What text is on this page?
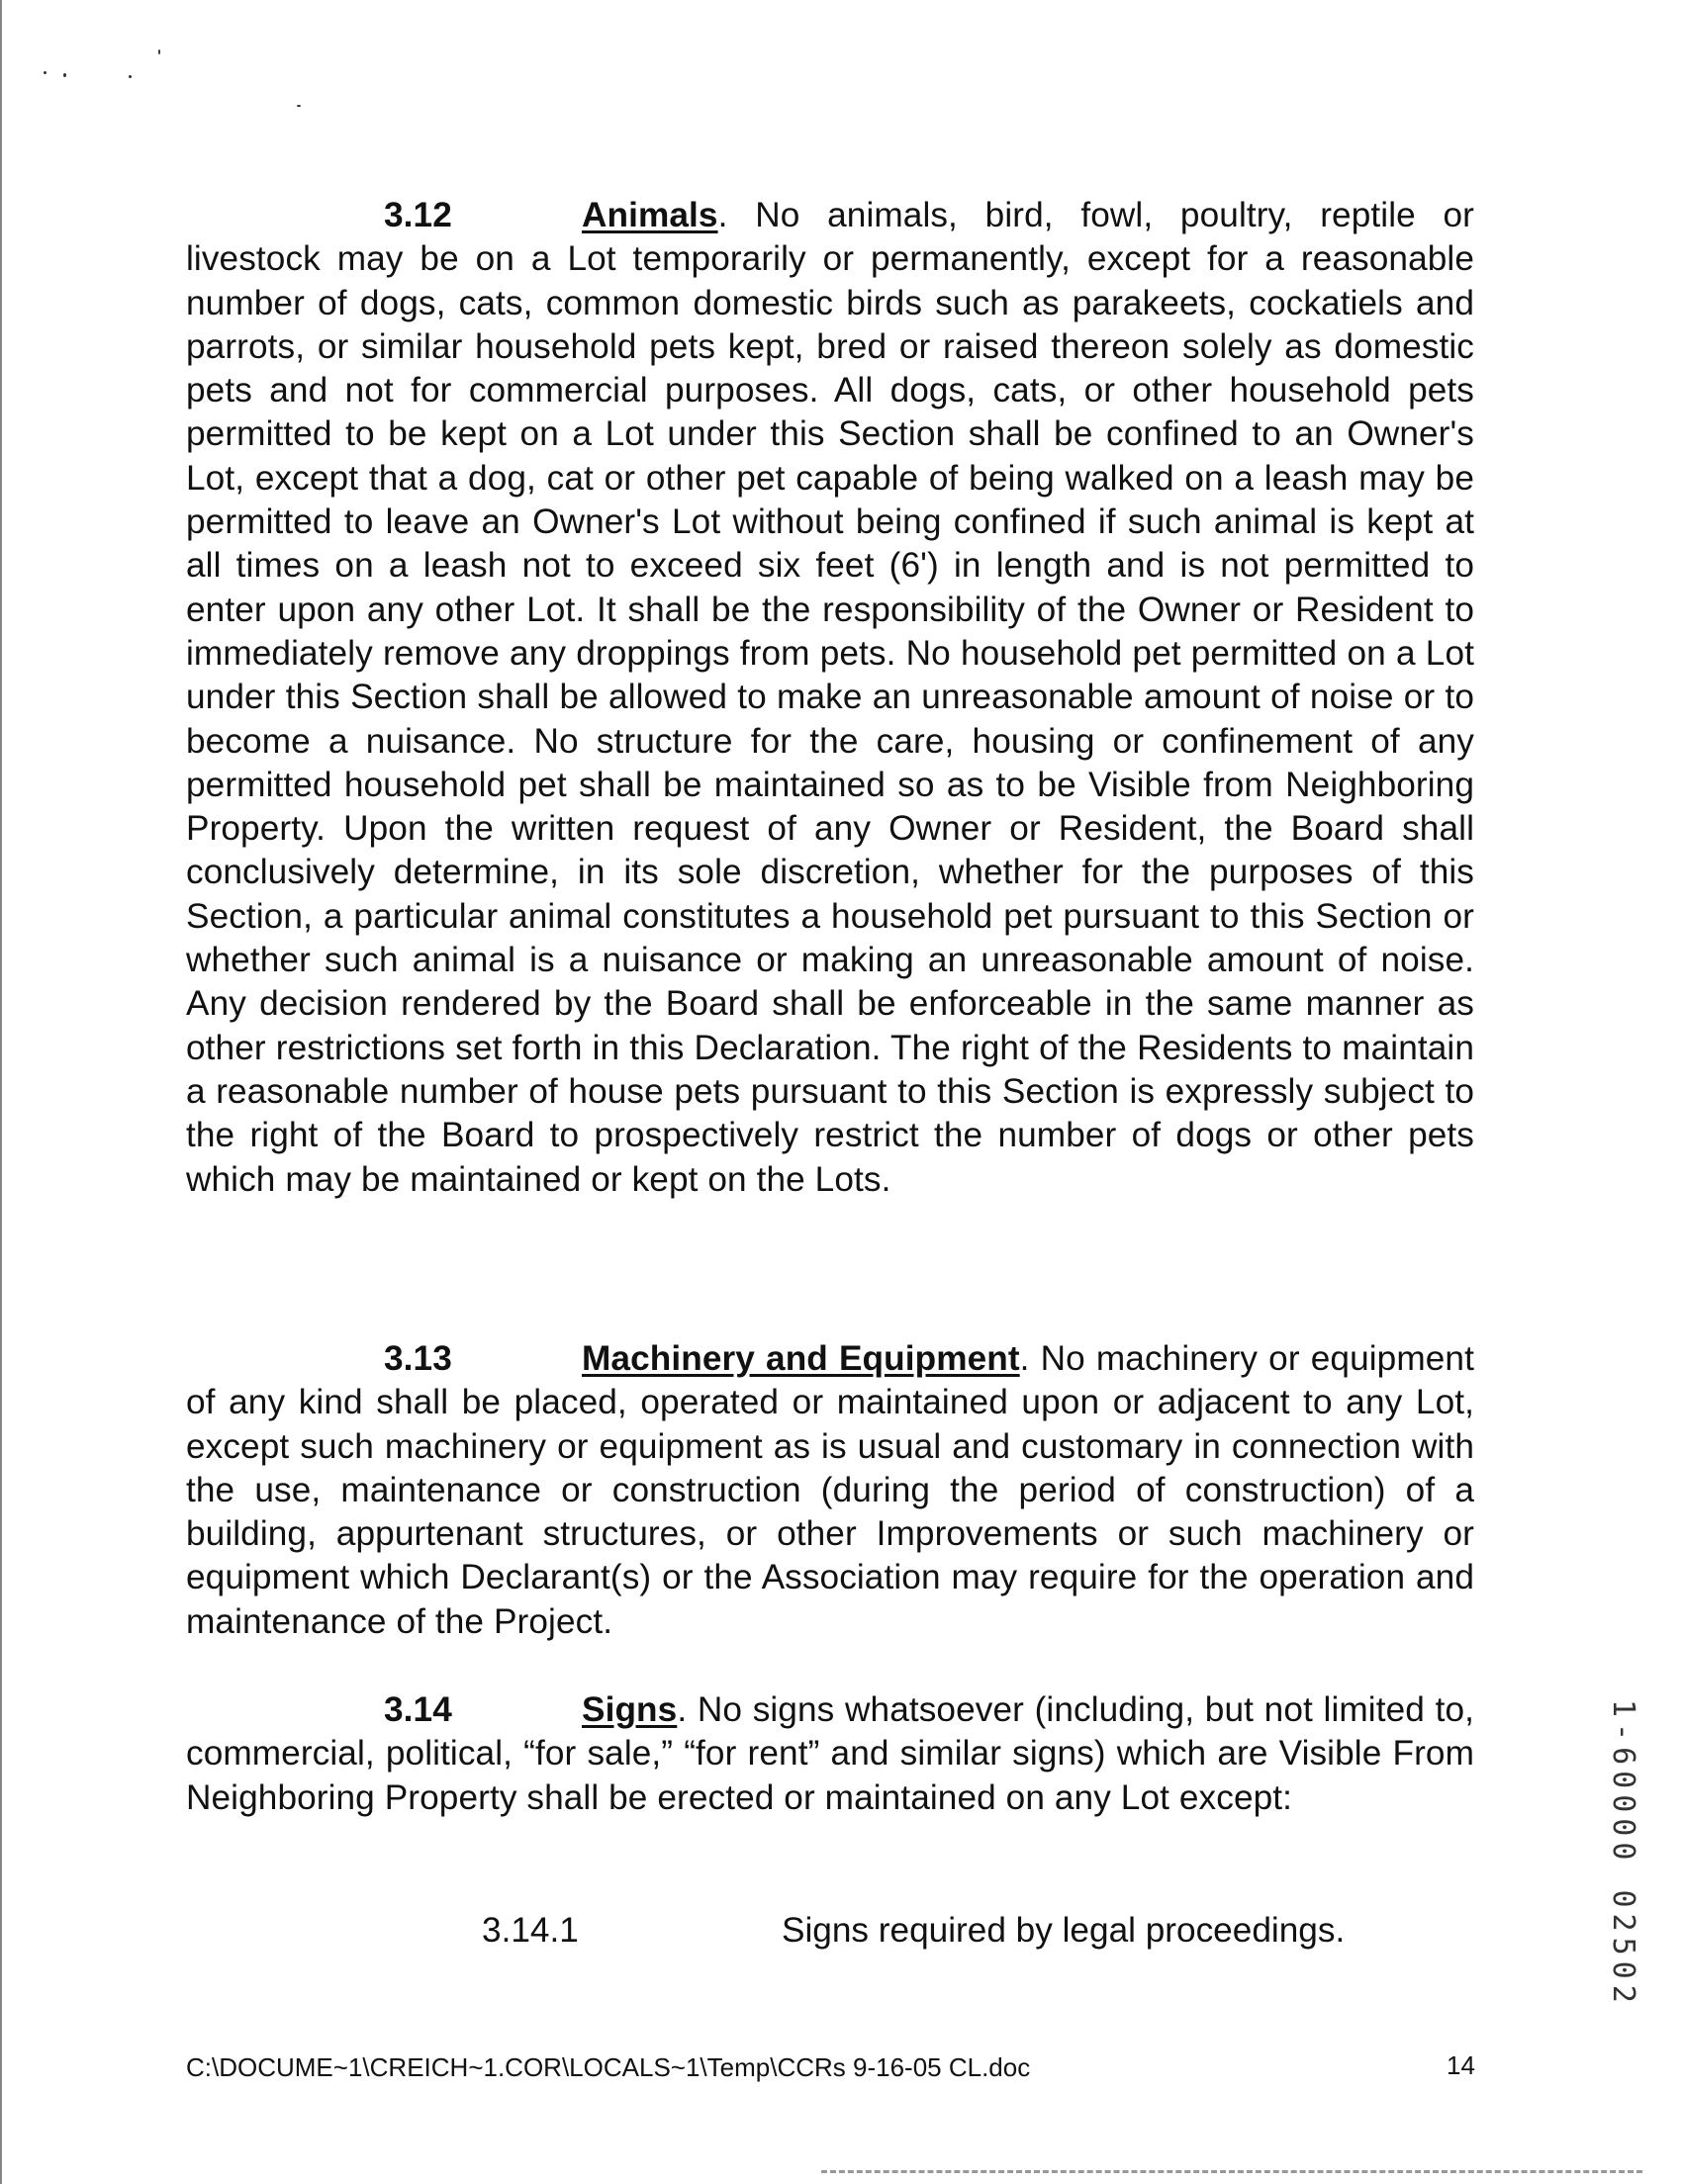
3.12	Animals. No animals, bird, fowl, poultry, reptile or livestock may be on a Lot temporarily or permanently, except for a reasonable number of dogs, cats, common domestic birds such as parakeets, cockatiels and parrots, or similar household pets kept, bred or raised thereon solely as domestic pets and not for commercial purposes. All dogs, cats, or other household pets permitted to be kept on a Lot under this Section shall be confined to an Owner's Lot, except that a dog, cat or other pet capable of being walked on a leash may be permitted to leave an Owner's Lot without being confined if such animal is kept at all times on a leash not to exceed six feet (6') in length and is not permitted to enter upon any other Lot. It shall be the responsibility of the Owner or Resident to immediately remove any droppings from pets. No household pet permitted on a Lot under this Section shall be allowed to make an unreasonable amount of noise or to become a nuisance. No structure for the care, housing or confinement of any permitted household pet shall be maintained so as to be Visible from Neighboring Property. Upon the written request of any Owner or Resident, the Board shall conclusively determine, in its sole discretion, whether for the purposes of this Section, a particular animal constitutes a household pet pursuant to this Section or whether such animal is a nuisance or making an unreasonable amount of noise. Any decision rendered by the Board shall be enforceable in the same manner as other restrictions set forth in this Declaration. The right of the Residents to maintain a reasonable number of house pets pursuant to this Section is expressly subject to the right of the Board to prospectively restrict the number of dogs or other pets which may be maintained or kept on the Lots.

3.13	Machinery and Equipment. No machinery or equipment of any kind shall be placed, operated or maintained upon or adjacent to any Lot, except such machinery or equipment as is usual and customary in connection with the use, maintenance or construction (during the period of construction) of a building, appurtenant structures, or other Improvements or such machinery or equipment which Declarant(s) or the Association may require for the operation and maintenance of the Project.

3.14	Signs. No signs whatsoever (including, but not limited to, commercial, political, “for sale,” “for rent” and similar signs) which are Visible From Neighboring Property shall be erected or maintained on any Lot except:

3.14.1	Signs required by legal proceedings.
C:\DOCUME~1\CREICH~1.COR\LOCALS~1\Temp\CCRs 9-16-05 CL.doc	14
1-60000 02502
